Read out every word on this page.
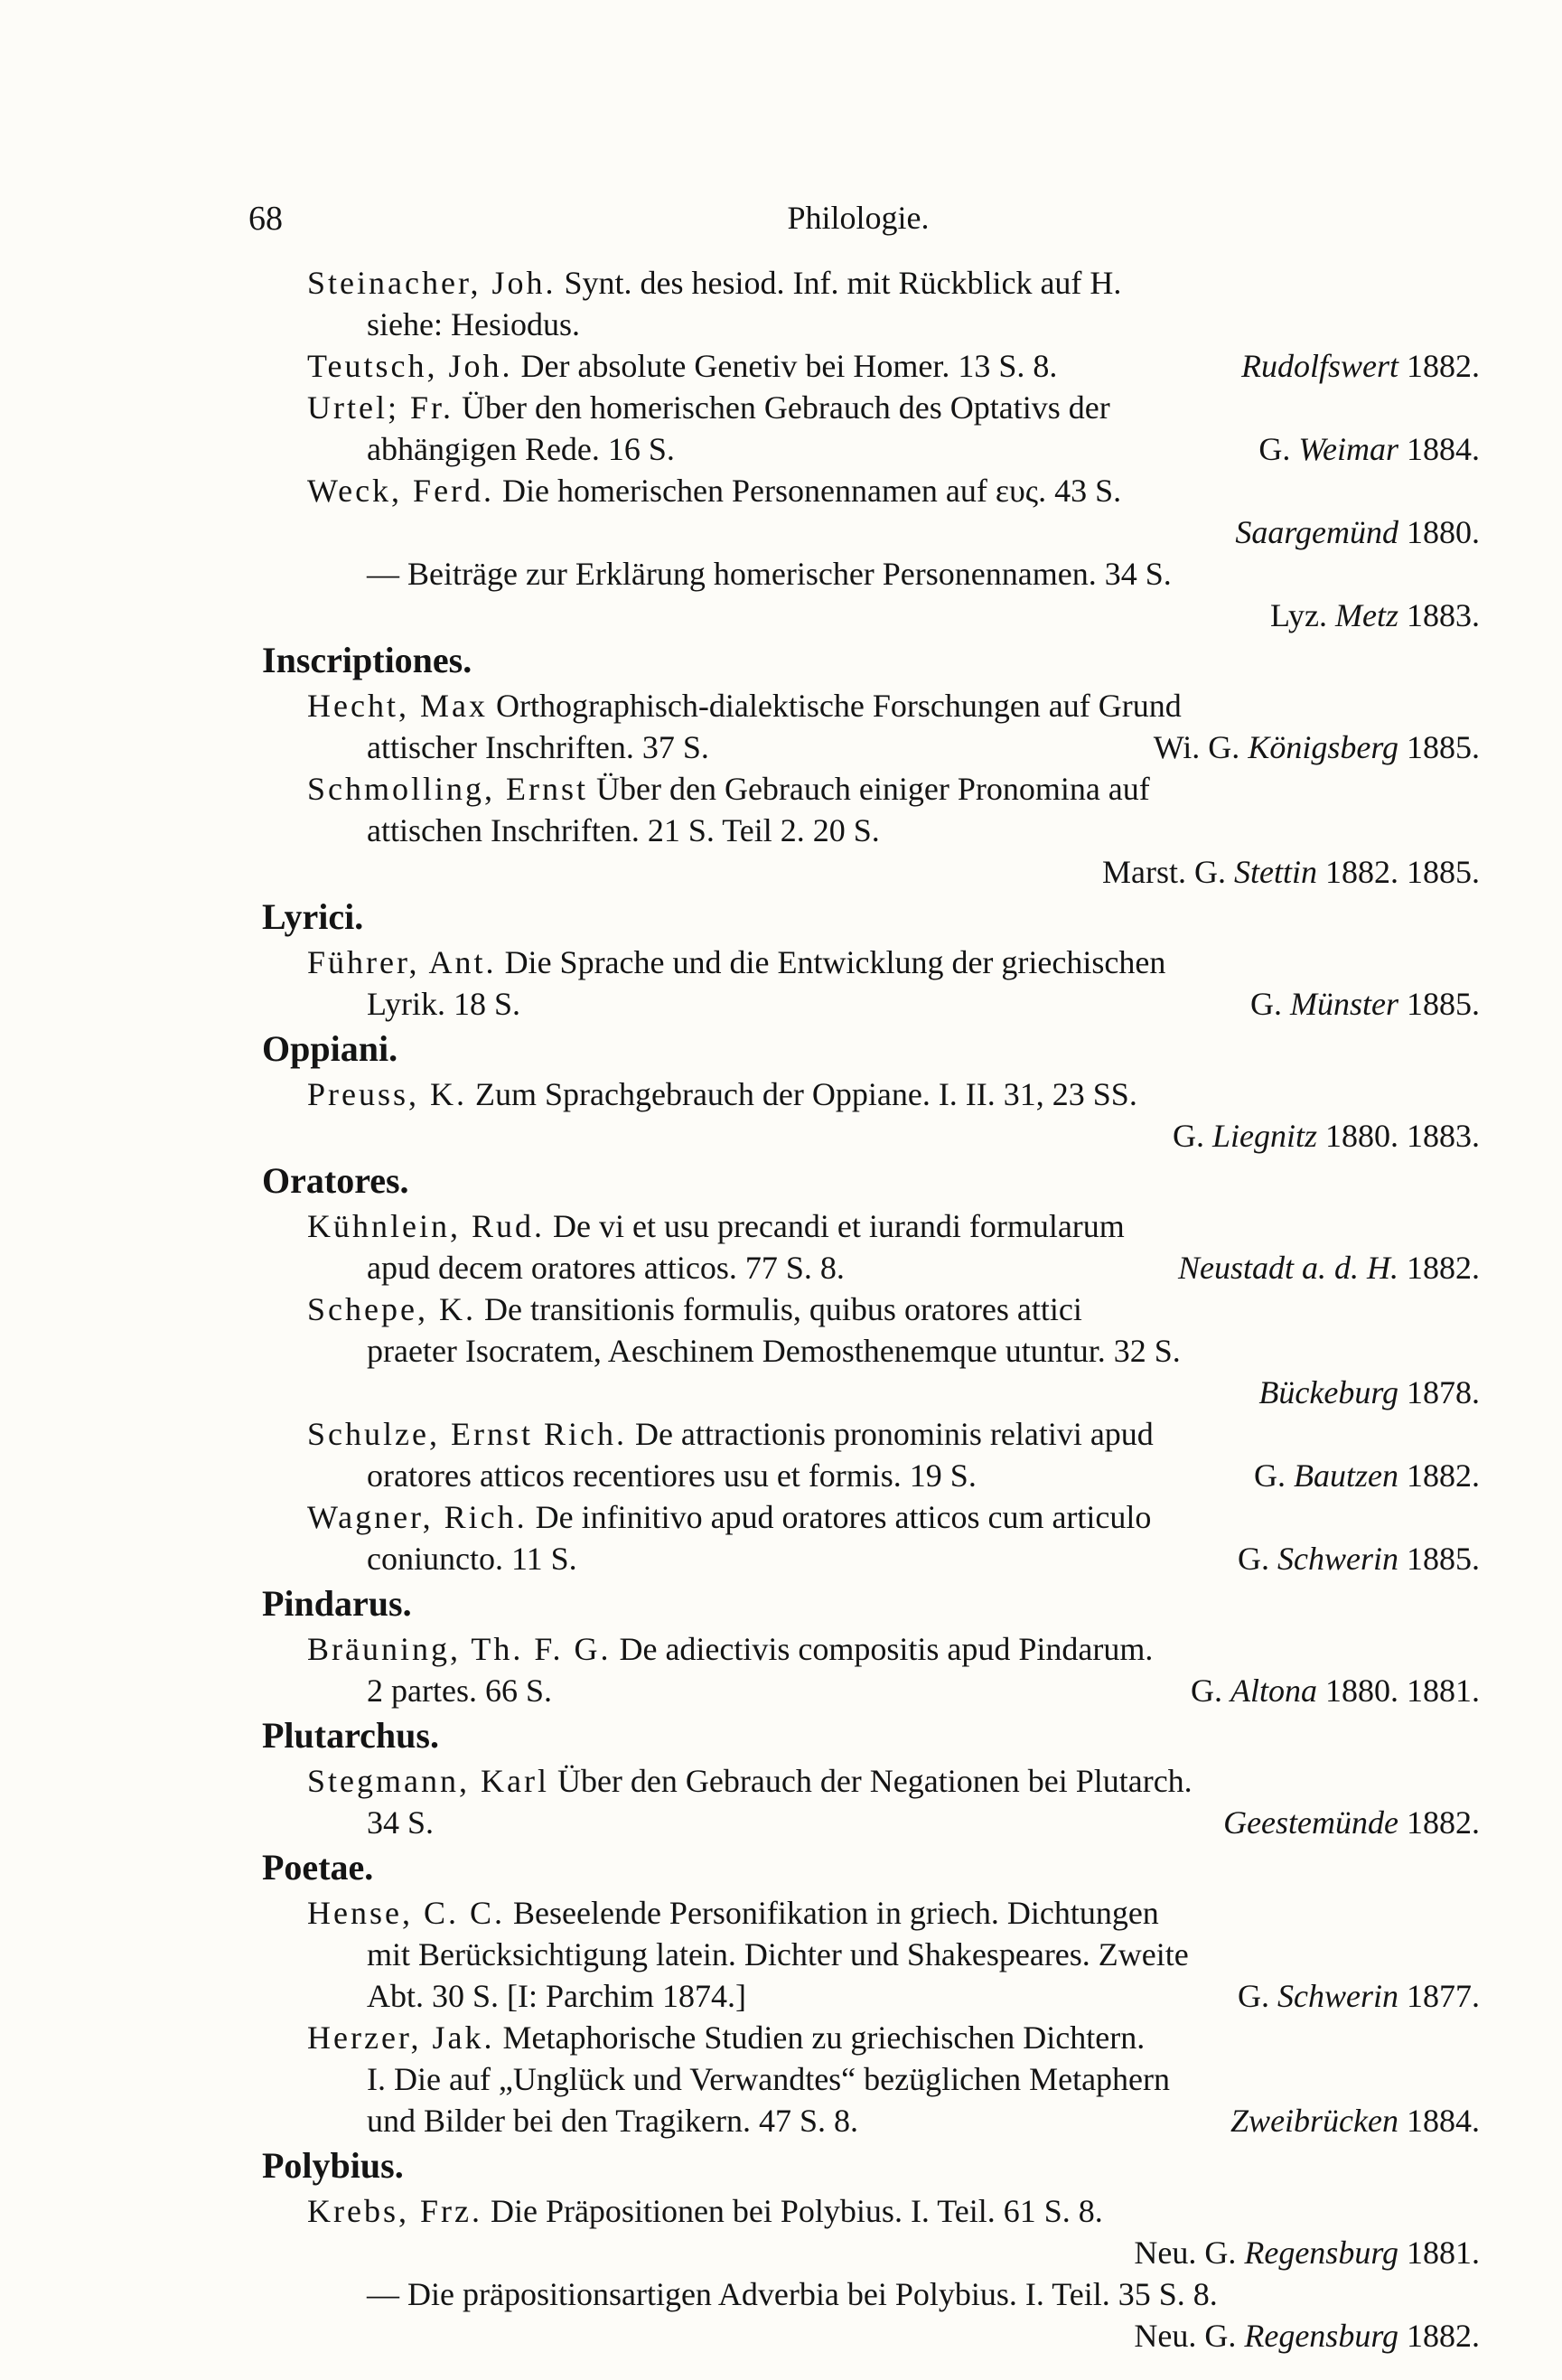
68	Philologie.
Steinacher, Joh. Synt. des hesiod. Inf. mit Rückblick auf H.
siehe: Hesiodus.
Teutsch, Joh. Der absolute Genetiv bei Homer. 13 S. 8.	Rudolfswert 1882.
Urtel; Fr. Über den homerischen Gebrauch des Optativs der
abhängigen Rede. 16 S.	G. Weimar 1884.
Weck, Ferd. Die homerischen Personennamen auf ευς. 43 S.
Saargemünd 1880.
— Beiträge zur Erklärung homerischer Personennamen. 34 S.
Lyz. Metz 1883.
Inscriptiones.
Hecht, Max Orthographisch-dialektische Forschungen auf Grund
attischer Inschriften. 37 S.	Wi. G. Königsberg 1885.
Schmolling, Ernst Über den Gebrauch einiger Pronomina auf
attischen Inschriften. 21 S. Teil 2. 20 S.
Marst. G. Stettin 1882. 1885.
Lyrici.
Führer, Ant. Die Sprache und die Entwicklung der griechischen
Lyrik. 18 S.	G. Münster 1885.
Oppiani.
Preuss, K. Zum Sprachgebrauch der Oppiane. I. II. 31, 23 SS.
G. Liegnitz 1880. 1883.
Oratores.
Kühnlein, Rud. De vi et usu precandi et iurandi formularum
apud decem oratores atticos. 77 S. 8.	Neustadt a. d. H. 1882.
Schepe, K. De transitionis formulis, quibus oratores attici
praeter Isocratem, Aeschinem Demosthenemque utuntur. 32 S.
Bückeburg 1878.
Schulze, Ernst Rich. De attractionis pronominis relativi apud
oratores atticos recentiores usu et formis. 19 S.	G. Bautzen 1882.
Wagner, Rich. De infinitivo apud oratores atticos cum articulo
coniuncto. 11 S.	G. Schwerin 1885.
Pindarus.
Bräuning, Th. F. G. De adiectivis compositis apud Pindarum.
2 partes. 66 S.	G. Altona 1880. 1881.
Plutarchus.
Stegmann, Karl Über den Gebrauch der Negationen bei Plutarch.
34 S.	Geestemünde 1882.
Poetae.
Hense, C. C. Beseelende Personifikation in griech. Dichtungen
mit Berücksichtigung latein. Dichter und Shakespeares. Zweite
Abt. 30 S. [I: Parchim 1874.]	G. Schwerin 1877.
Herzer, Jak. Metaphorische Studien zu griechischen Dichtern.
I. Die auf „Unglück und Verwandtes“ bezüglichen Metaphern
und Bilder bei den Tragikern. 47 S. 8.	Zweibrücken 1884.
Polybius.
Krebs, Frz. Die Präpositionen bei Polybius. I. Teil. 61 S. 8.
Neu. G. Regensburg 1881.
— Die präpositionsartigen Adverbia bei Polybius. I. Teil. 35 S. 8.
Neu. G. Regensburg 1882.
